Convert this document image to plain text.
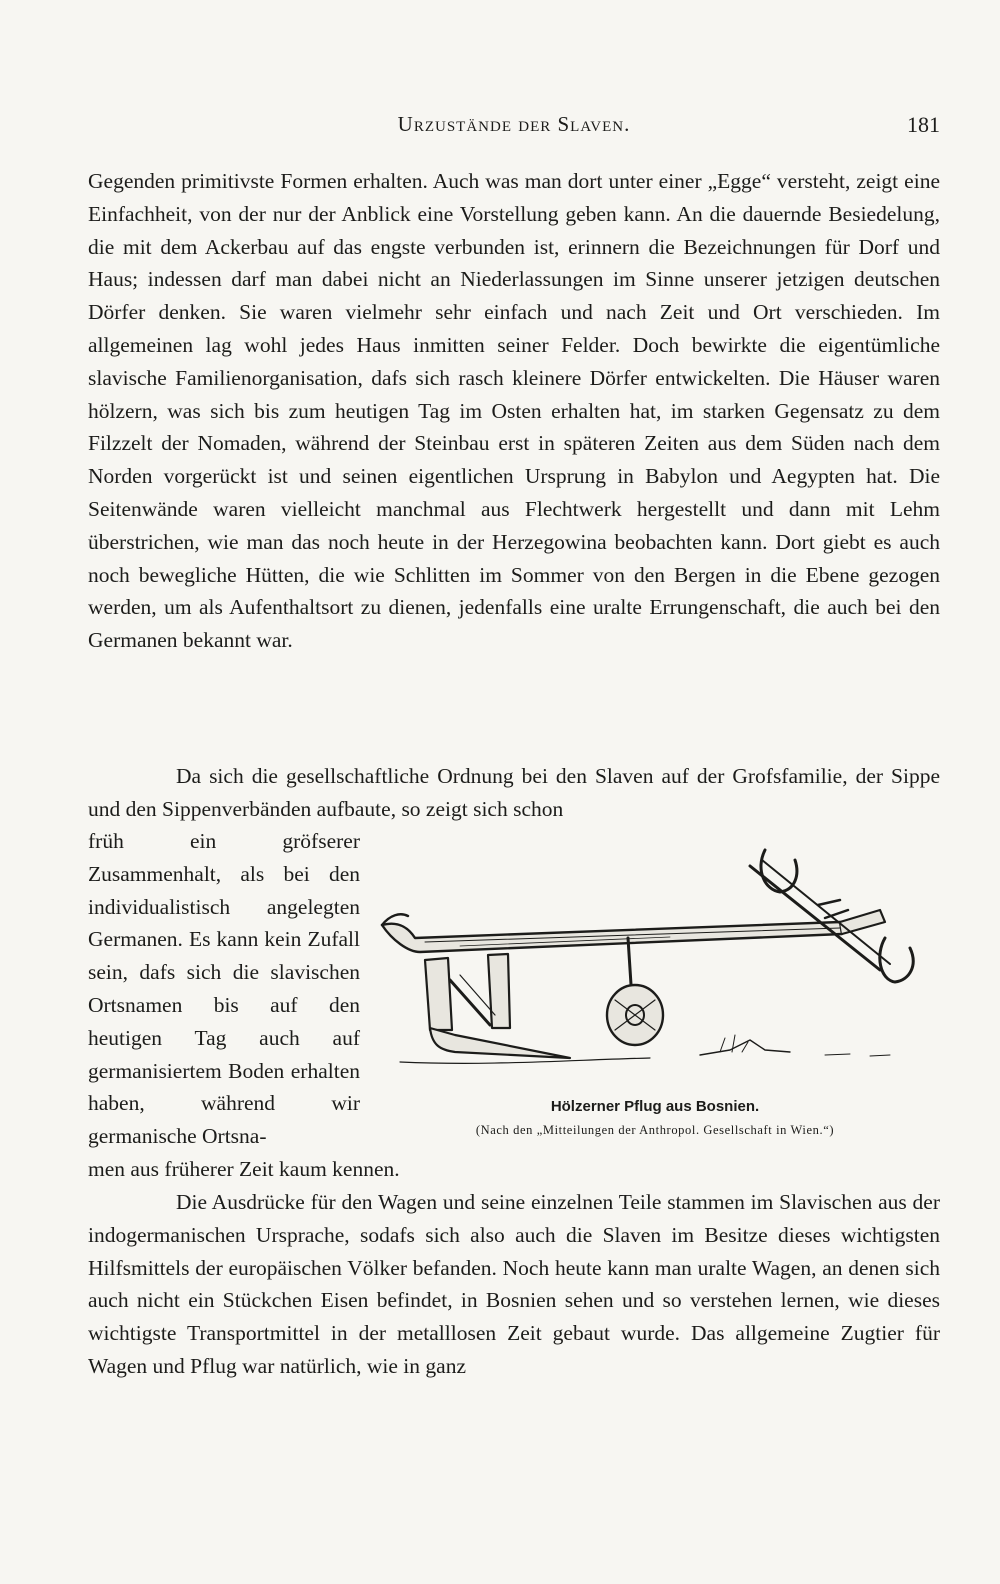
Urzustände der Slaven.	181

Gegenden primitivste Formen erhalten. Auch was man dort unter einer „Egge“ versteht, zeigt eine Einfachheit, von der nur der Anblick eine Vorstellung geben kann. An die dauernde Besiedelung, die mit dem Ackerbau auf das engste verbunden ist, erinnern die Bezeichnungen für Dorf und Haus; indessen darf man dabei nicht an Niederlassungen im Sinne unserer jetzigen deutschen Dörfer denken. Sie waren vielmehr sehr einfach und nach Zeit und Ort verschieden. Im allgemeinen lag wohl jedes Haus inmitten seiner Felder. Doch bewirkte die eigentümliche slavische Familienorganisation, dafs sich rasch kleinere Dörfer entwickelten. Die Häuser waren hölzern, was sich bis zum heutigen Tag im Osten erhalten hat, im starken Gegensatz zu dem Filzzelt der Nomaden, während der Steinbau erst in späteren Zeiten aus dem Süden nach dem Norden vorgerückt ist und seinen eigentlichen Ursprung in Babylon und Aegypten hat. Die Seitenwände waren vielleicht manchmal aus Flechtwerk hergestellt und dann mit Lehm überstrichen, wie man das noch heute in der Herzegowina beobachten kann. Dort giebt es auch noch bewegliche Hütten, die wie Schlitten im Sommer von den Bergen in die Ebene gezogen werden, um als Aufenthaltsort zu dienen, jedenfalls eine uralte Errungenschaft, die auch bei den Germanen bekannt war.

Da sich die gesellschaftliche Ordnung bei den Slaven auf der Grofsfamilie, der Sippe und den Sippenverbänden aufbaute, so zeigt sich schon

früh ein gröfserer Zusammenhalt, als bei den individualistisch angelegten Germanen. Es kann kein Zufall sein, dafs sich die slavischen Ortsnamen bis auf den heutigen Tag auch auf germanisiertem Boden erhalten haben, während wir germanische Ortsna-
men aus früherer Zeit kaum kennen.
Hölzerner Pflug aus Bosnien.
(Nach den „Mitteilungen der Anthropol. Gesellschaft in Wien.“)

Die Ausdrücke für den Wagen und seine einzelnen Teile stammen im Slavischen aus der indogermanischen Ursprache, sodafs sich also auch die Slaven im Besitze dieses wichtigsten Hilfsmittels der europäischen Völker befanden. Noch heute kann man uralte Wagen, an denen sich auch nicht ein Stückchen Eisen befindet, in Bosnien sehen und so verstehen lernen, wie dieses wichtigste Transportmittel in der metalllosen Zeit gebaut wurde. Das allgemeine Zugtier für Wagen und Pflug war natürlich, wie in ganz
